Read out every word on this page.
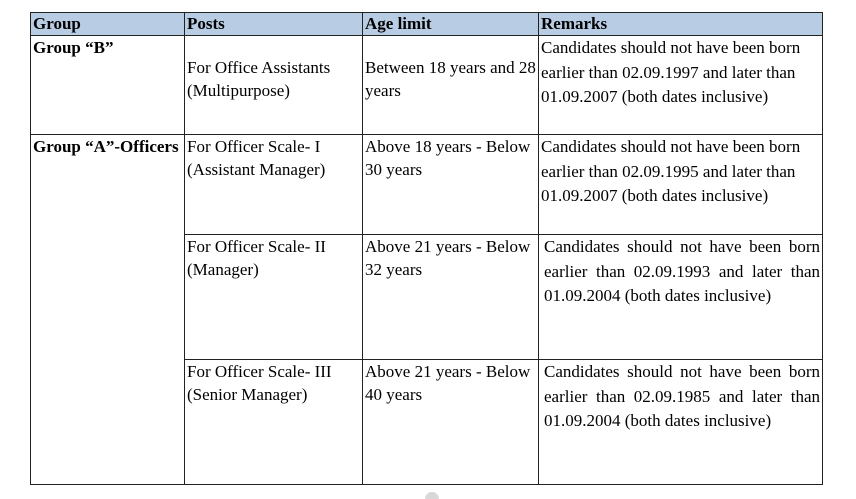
Group	Posts	Age limit	Remarks
Group “B”	For Office Assistants (Multipurpose)	Between 18 years and 28 years	Candidates should not have been born earlier than 02.09.1997 and later than 01.09.2007 (both dates inclusive)

Group “A”-Officers	For Officer Scale- I (Assistant Manager)	Above 18 years - Below 30 years	Candidates should not have been born earlier than 02.09.1995 and later than 01.09.2007 (both dates inclusive)

	For Officer Scale- II (Manager)	Above 21 years - Below 32 years	Candidates should not have been born earlier than 02.09.1993 and later than 01.09.2004 (both dates inclusive)

	For Officer Scale- III (Senior Manager)	Above 21 years - Below 40 years	Candidates should not have been born earlier than 02.09.1985 and later than 01.09.2004 (both dates inclusive)
